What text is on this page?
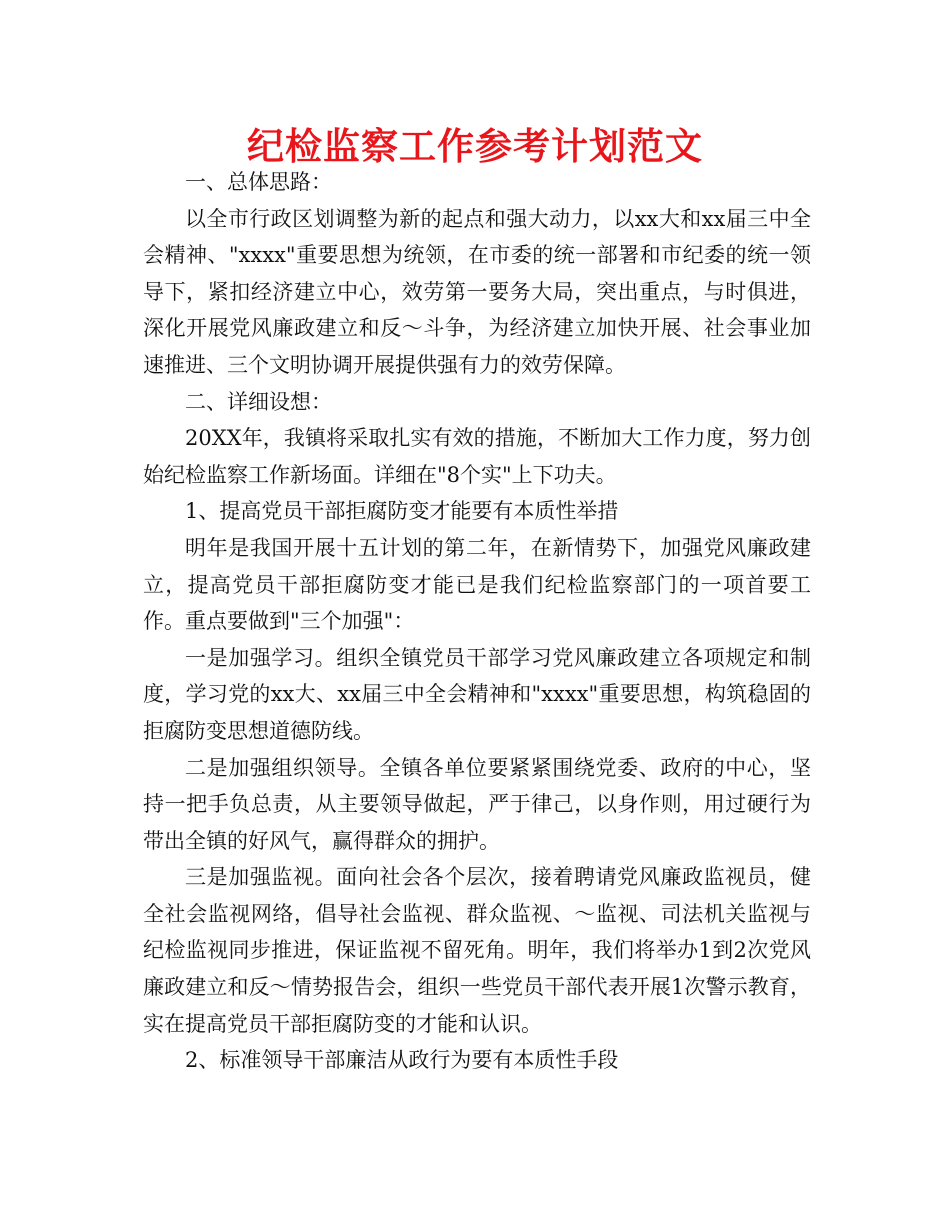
纪检监察工作参考计划范文

一、总体思路：

以全市行政区划调整为新的起点和强大动力，以xx大和xx届三中全会精神、"xxxx"重要思想为统领，在市委的统一部署和市纪委的统一领导下，紧扣经济建立中心，效劳第一要务大局，突出重点，与时俱进，深化开展党风廉政建立和反～斗争，为经济建立加快开展、社会事业加速推进、三个文明协调开展提供强有力的效劳保障。

二、详细设想：

20XX年，我镇将采取扎实有效的措施，不断加大工作力度，努力创始纪检监察工作新场面。详细在"8个实"上下功夫。

1、提高党员干部拒腐防变才能要有本质性举措

明年是我国开展十五计划的第二年，在新情势下，加强党风廉政建立，提高党员干部拒腐防变才能已是我们纪检监察部门的一项首要工作。重点要做到"三个加强"：

一是加强学习。组织全镇党员干部学习党风廉政建立各项规定和制度，学习党的xx大、xx届三中全会精神和"xxxx"重要思想，构筑稳固的拒腐防变思想道德防线。

二是加强组织领导。全镇各单位要紧紧围绕党委、政府的中心，坚持一把手负总责，从主要领导做起，严于律己，以身作则，用过硬行为带出全镇的好风气，赢得群众的拥护。

三是加强监视。面向社会各个层次，接着聘请党风廉政监视员，健全社会监视网络，倡导社会监视、群众监视、～监视、司法机关监视与纪检监视同步推进，保证监视不留死角。明年，我们将举办1到2次党风廉政建立和反～情势报告会，组织一些党员干部代表开展1次警示教育，实在提高党员干部拒腐防变的才能和认识。

2、标准领导干部廉洁从政行为要有本质性手段
